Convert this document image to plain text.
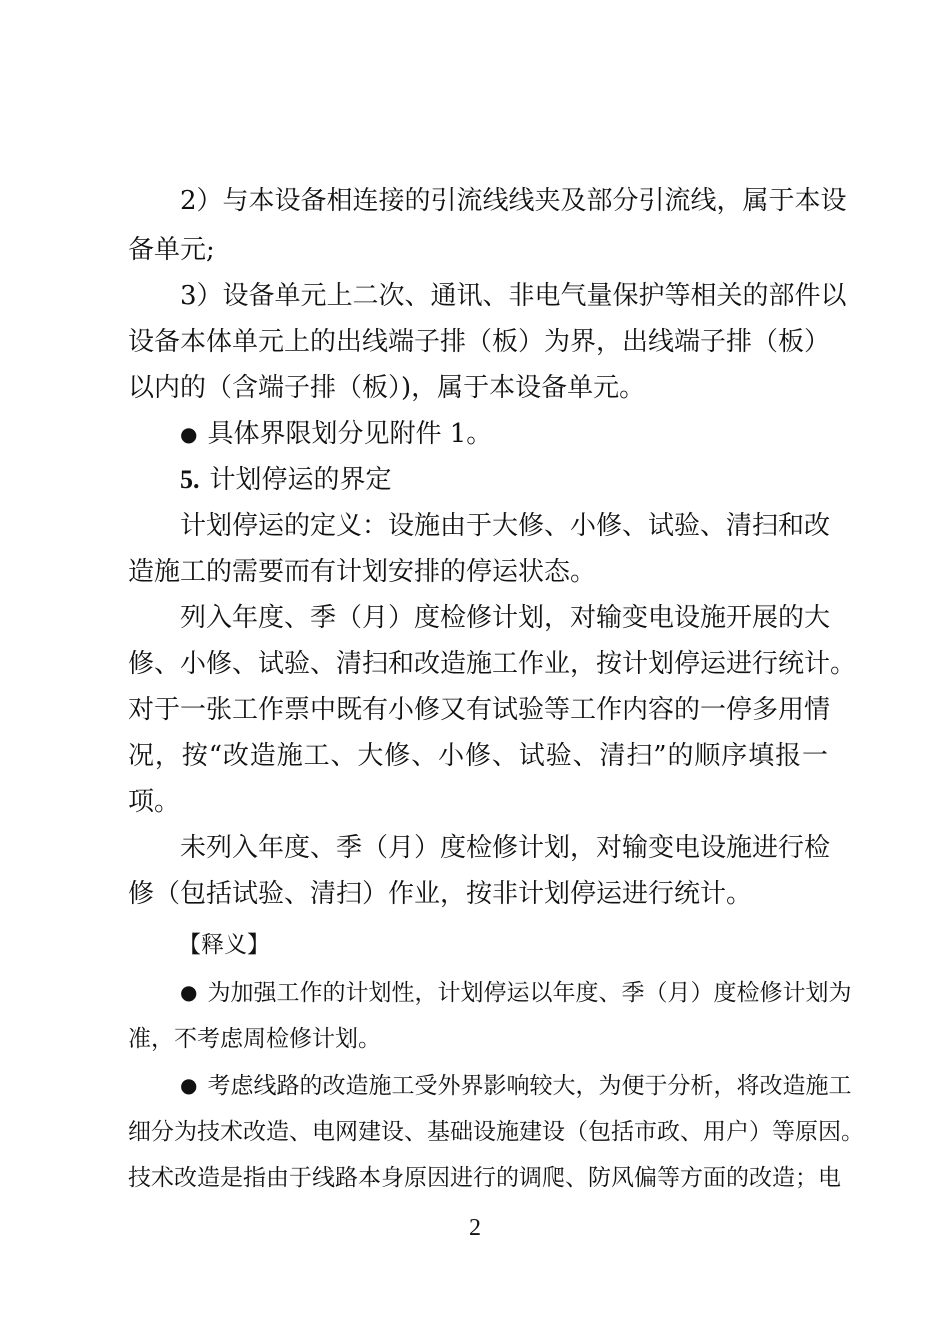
2）与本设备相连接的引流线线夹及部分引流线，属于本设
备单元;
3）设备单元上二次、通讯、非电气量保护等相关的部件以
设备本体单元上的出线端子排（板）为界，出线端子排（板）
以内的（含端子排（板）)，属于本设备单元。
● 具体界限划分见附件 1。
5. 计划停运的界定
计划停运的定义：设施由于大修、小修、试验、清扫和改
造施工的需要而有计划安排的停运状态。
列入年度、季（月）度检修计划，对输变电设施开展的大
修、小修、试验、清扫和改造施工作业，按计划停运进行统计。
对于一张工作票中既有小修又有试验等工作内容的一停多用情
况，按“改造施工、大修、小修、试验、清扫”的顺序填报一
项。
未列入年度、季（月）度检修计划，对输变电设施进行检
修（包括试验、清扫）作业，按非计划停运进行统计。
【释义】
● 为加强工作的计划性，计划停运以年度、季（月）度检修计划为
准，不考虑周检修计划。
● 考虑线路的改造施工受外界影响较大，为便于分析，将改造施工
细分为技术改造、电网建设、基础设施建设（包括市政、用户）等原因。
技术改造是指由于线路本身原因进行的调爬、防风偏等方面的改造；电
2
